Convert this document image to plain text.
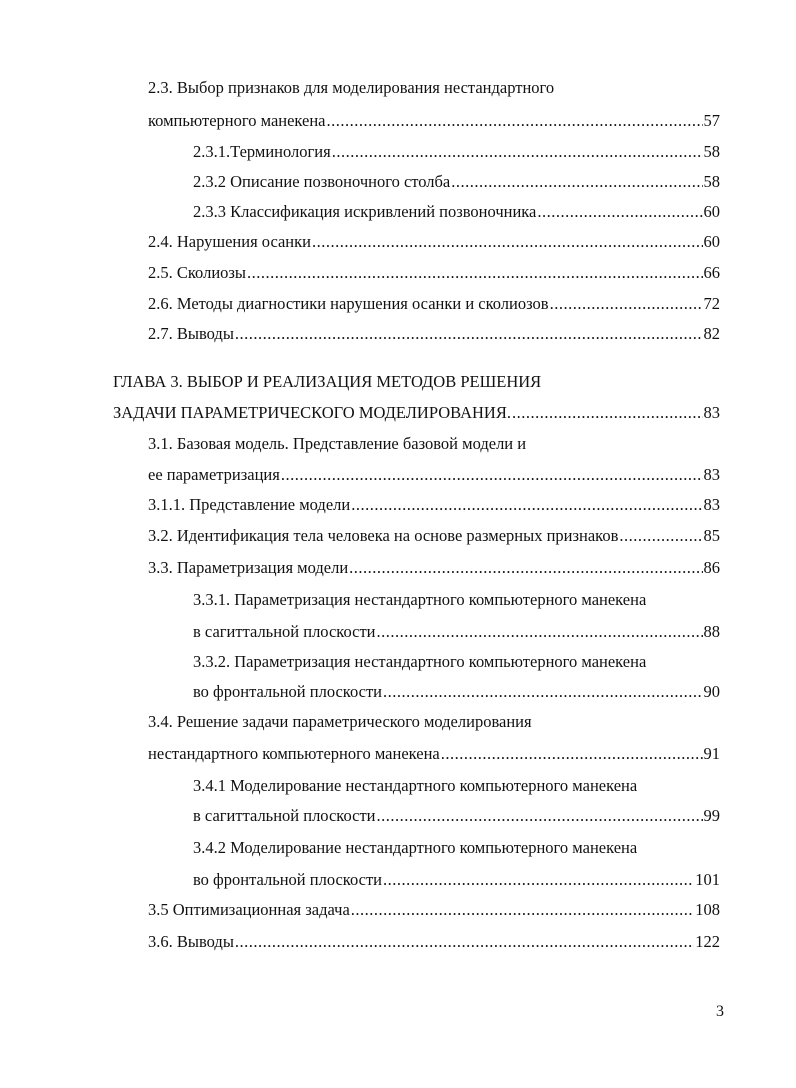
2.3. Выбор признаков для моделирования нестандартного
компьютерного манекена .....	57
2.3.1.Терминология .....	58
2.3.2 Описание позвоночного столба .....	58
2.3.3 Классификация искривлений позвоночника .....	60
2.4. Нарушения осанки .....	60
2.5. Сколиозы .....	66
2.6. Методы диагностики нарушения осанки и сколиозов .....	72
2.7. Выводы .....	82
ГЛАВА 3. ВЫБОР И РЕАЛИЗАЦИЯ МЕТОДОВ РЕШЕНИЯ
ЗАДАЧИ ПАРАМЕТРИЧЕСКОГО МОДЕЛИРОВАНИЯ. .....	83
3.1. Базовая модель. Представление базовой модели и
ее параметризация .....	83
3.1.1. Представление модели .....	83
3.2. Идентификация тела человека на основе размерных признаков .....	85
3.3. Параметризация модели .....	86
3.3.1. Параметризация нестандартного компьютерного манекена
в сагиттальной плоскости .....	88
3.3.2. Параметризация нестандартного компьютерного манекена
во фронтальной плоскости .....	90
3.4. Решение задачи параметрического моделирования
нестандартного компьютерного манекена .....	91
3.4.1 Моделирование нестандартного компьютерного манекена
в сагиттальной плоскости .....	99
3.4.2 Моделирование нестандартного компьютерного манекена
во фронтальной плоскости .....	101
3.5 Оптимизационная задача .....	108
3.6. Выводы .....	122
3
